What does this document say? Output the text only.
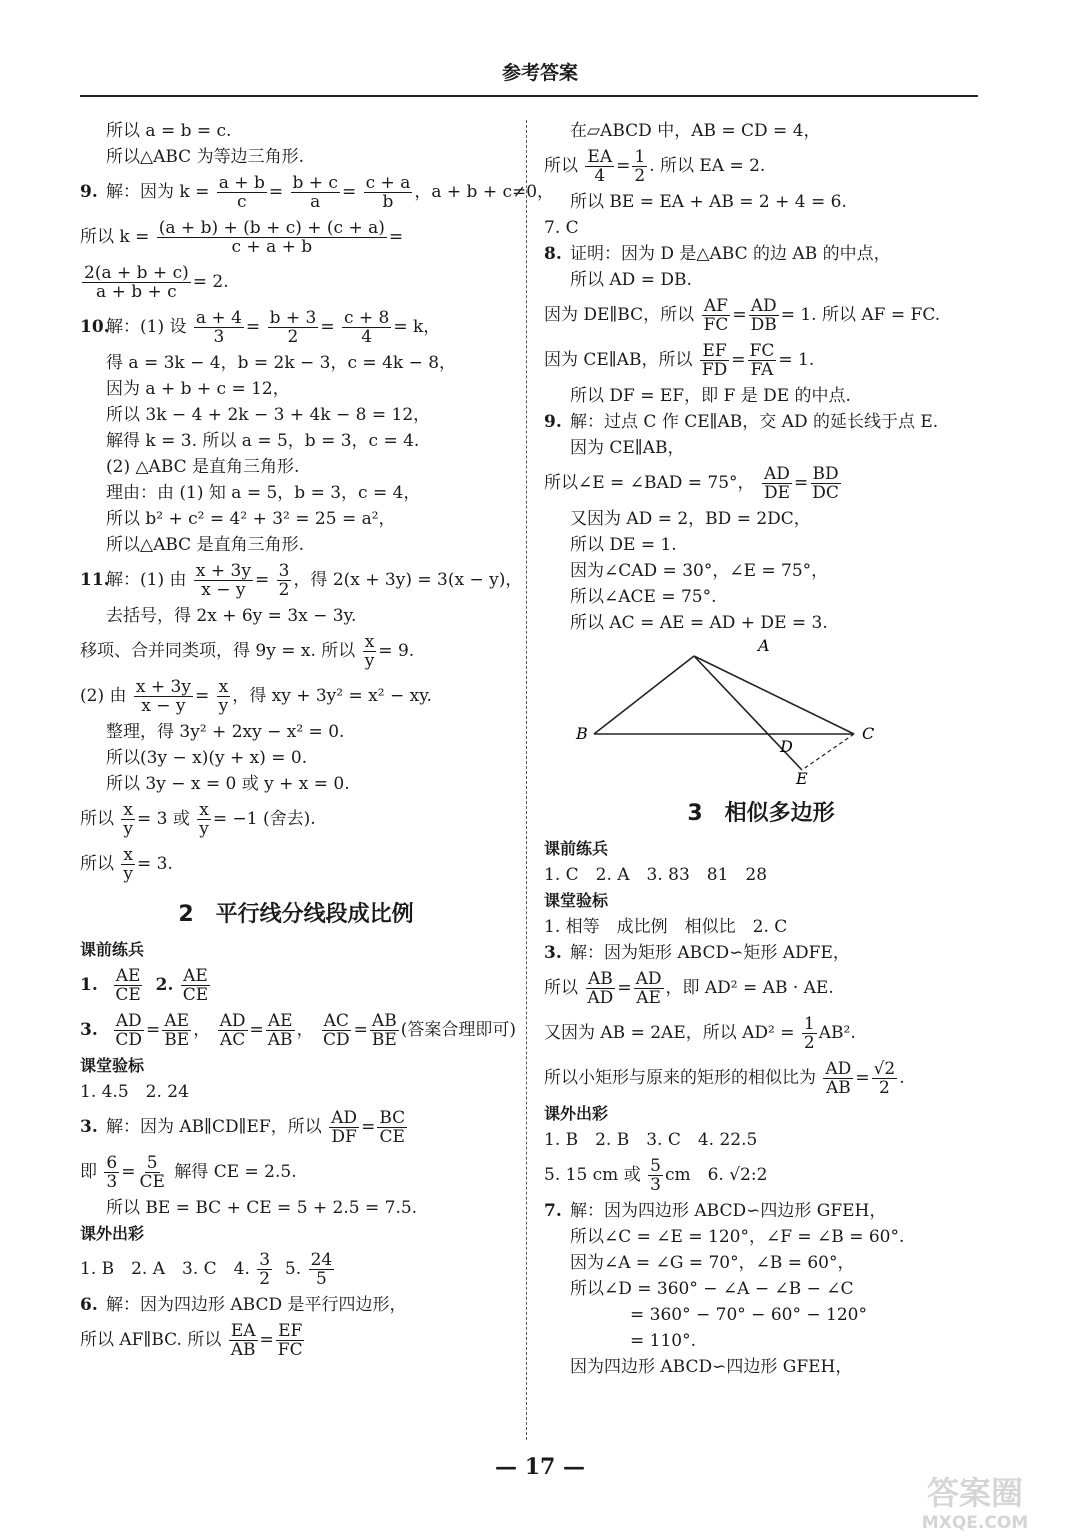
参考答案

所以 a = b = c.

所以△ABC 为等边三角形.

9. 解：因为 $k = \frac{a + b}{c} = \frac{b + c}{a} = \frac{c + a}{b}$ ，a + b + c≠0，

所以 $k = \frac{(a + b) + (b + c) + (c + a)}{c + a + b}$ =

$\frac{2(a + b + c)}{a + b + c} = 2$.

10.解：(1) 设 $\frac{a + 4}{3} = \frac{b + 3}{2} = \frac{c + 8}{4} = k$，

得 a = 3k − 4，b = 2k − 3，c = 4k − 8，

因为 a + b + c = 12，

所以 3k − 4 + 2k − 3 + 4k − 8 = 12，

解得 k = 3. 所以 a = 5，b = 3，c = 4.

(2) △ABC 是直角三角形.

理由：由 (1) 知 a = 5，b = 3，c = 4，

所以 b² + c² = 4² + 3² = 25 = a²，

所以△ABC 是直角三角形.

11.解：(1) 由 $\frac{x + 3y}{x - y} = \frac{3}{2}$ ，得 2(x + 3y) = 3(x − y)，

去括号，得 2x + 6y = 3x − 3y.

移项、合并同类项，得 9y = x. 所以 $\frac{x}{y} = 9$.

(2) 由 $\frac{x + 3y}{x - y} = \frac{x}{y}$ ，得 xy + 3y² = x² − xy.

整理，得 3y² + 2xy − x² = 0.

所以(3y − x)(y + x) = 0.

所以 3y − x = 0 或 y + x = 0.

所以 $\frac{x}{y} = 3$ 或 $\frac{x}{y} = -1$ (舍去).

所以 $\frac{x}{y} = 3$.

2　平行线分线段成比例
课前练兵

1. $\frac{AE}{CE} 2$. $\frac{AE}{CE}$

3. $\frac{AD}{CD} = \frac{AE}{BE}$ ， $\frac{AD}{AC} = \frac{AE}{AB}$ ， $\frac{AC}{CD} = \frac{AB}{BE}$ (答案合理即可)

课堂验标

1. 4.5　2. 24

3. 解：因为 AB∥CD∥EF，所以 $\frac{AD}{DF} = \frac{BC}{CE}$

即 $\frac{6}{3} = \frac{5}{CE}$ 解得 CE = 2.5.

所以 BE = BC + CE = 5 + 2.5 = 7.5.

课外出彩

1. B　2. A　3. C　4. $\frac{3}{2} 5$. $\frac{24}{5}$

6. 解：因为四边形 ABCD 是平行四边形，

所以 AF∥BC. 所以 $\frac{EA}{AB} = \frac{EF}{FC}$

在▱ABCD 中，AB = CD = 4，

所以 $\frac{EA}{4} = \frac{1}{2}$ . 所以 EA = 2.

所以 BE = EA + AB = 2 + 4 = 6.

7. C

8. 证明：因为 D 是△ABC 的边 AB 的中点，

所以 AD = DB.

因为 DE∥BC，所以 $\frac{AF}{FC} = \frac{AD}{DB} = 1$. 所以 AF = FC.

因为 CE∥AB，所以 $\frac{EF}{FD} = \frac{FC}{FA} = 1$.

所以 DF = EF，即 F 是 DE 的中点.

9. 解：过点 C 作 CE∥AB，交 AD 的延长线于点 E.

因为 CE∥AB，

所以∠E = ∠BAD = 75°， $\frac{AD}{DE} = \frac{BD}{DC}$

又因为 AD = 2，BD = 2DC，

所以 DE = 1.

因为∠CAD = 30°，∠E = 75°，

所以∠ACE = 75°.

所以 AC = AE = AD + DE = 3.

A
B	C
D
E
3　相似多边形
课前练兵

1. C　2. A　3. 83　81　28

课堂验标

1. 相等　成比例　相似比　2. C

3. 解：因为矩形 ABCD∽矩形 ADFE，

所以 $\frac{AB}{AD} = \frac{AD}{AE}$ ，即 AD² = AB · AE.

又因为 AB = 2AE，所以 $AD^2 = \frac{1}{2} AB^2$.

所以小矩形与原来的矩形的相似比为 $\frac{AD}{AB} = \frac{√2}{2}$ .

课外出彩

1. B　2. B　3. C　4. 22.5

5. 15 cm 或 $\frac{5}{3}$ cm　6. √2:2

7. 解：因为四边形 ABCD∽四边形 GFEH，

所以∠C = ∠E = 120°，∠F = ∠B = 60°.

因为∠A = ∠G = 70°，∠B = 60°，

所以∠D = 360° − ∠A − ∠B − ∠C

= 360° − 70° − 60° − 120°

= 110°.

因为四边形 ABCD∽四边形 GFEH，

— 17 —
答案圈
MXQE.COM
